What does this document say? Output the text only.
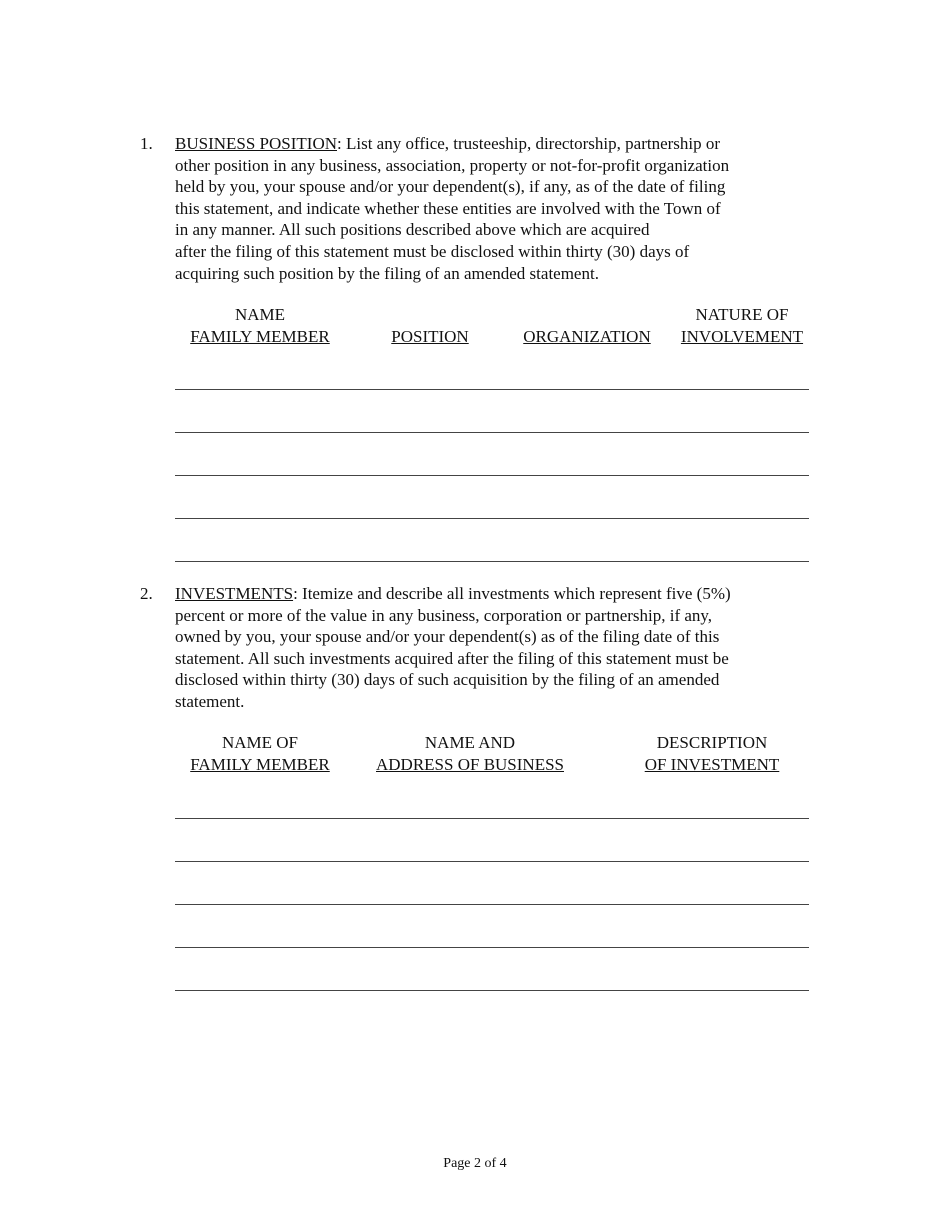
1. BUSINESS POSITION: List any office, trusteeship, directorship, partnership or
other position in any business, association, property or not-for-profit organization
held by you, your spouse and/or your dependent(s), if any, as of the date of filing
this statement, and indicate whether these entities are involved with the Town of
in any manner. All such positions described above which are acquired
after the filing of this statement must be disclosed within thirty (30) days of
acquiring such position by the filing of an amended statement.
NAME
FAMILY MEMBER	POSITION	ORGANIZATION
NATURE OF
INVOLVEMENT
2. INVESTMENTS: Itemize and describe all investments which represent five (5%)
percent or more of the value in any business, corporation or partnership, if any,
owned by you, your spouse and/or your dependent(s) as of the filing date of this
statement. All such investments acquired after the filing of this statement must be
disclosed within thirty (30) days of such acquisition by the filing of an amended
statement.
NAME OF
FAMILY MEMBER
NAME AND
ADDRESS OF BUSINESS
DESCRIPTION
OF INVESTMENT
Page 2 of 4
